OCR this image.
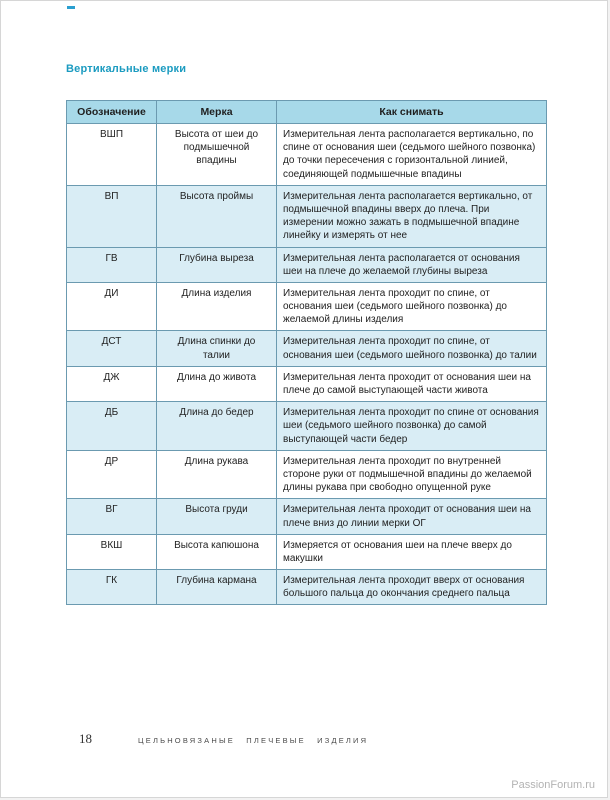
Вертикальные мерки
Обозначение	Мерка	Как снимать
ВШП	Высота от шеи до подмышечной впадины	Измерительная лента располагается вертикально, по спине от основания шеи (седьмого шейного позвонка) до точки пересечения с горизонтальной линией, соединяющей подмышечные впадины
ВП	Высота проймы	Измерительная лента располагается вертикально, от подмышечной впадины вверх до плеча. При измерении можно зажать в подмышечной впадине линейку и измерять от нее
ГВ	Глубина выреза	Измерительная лента располагается от основания шеи на плече до желаемой глубины выреза
ДИ	Длина изделия	Измерительная лента проходит по спине, от основания шеи (седьмого шейного позвонка) до желаемой длины изделия
ДСТ	Длина спинки до талии	Измерительная лента проходит по спине, от основания шеи (седьмого шейного позвонка) до талии
ДЖ	Длина до живота	Измерительная лента проходит от основания шеи на плече до самой выступающей части живота
ДБ	Длина до бедер	Измерительная лента проходит по спине от основания шеи (седьмого шейного позвонка) до самой выступающей части бедер
ДР	Длина рукава	Измерительная лента проходит по внутренней стороне руки от подмышечной впадины до желаемой длины рукава при свободно опущенной руке
ВГ	Высота груди	Измерительная лента проходит от основания шеи на плече вниз до линии мерки ОГ
ВКШ	Высота капюшона	Измеряется от основания шеи на плече вверх до макушки
ГК	Глубина кармана	Измерительная лента проходит вверх от основания большого пальца до окончания среднего пальца
18	ЦЕЛЬНОВЯЗАНЫЕ ПЛЕЧЕВЫЕ ИЗДЕЛИЯ
PassionForum.ru
